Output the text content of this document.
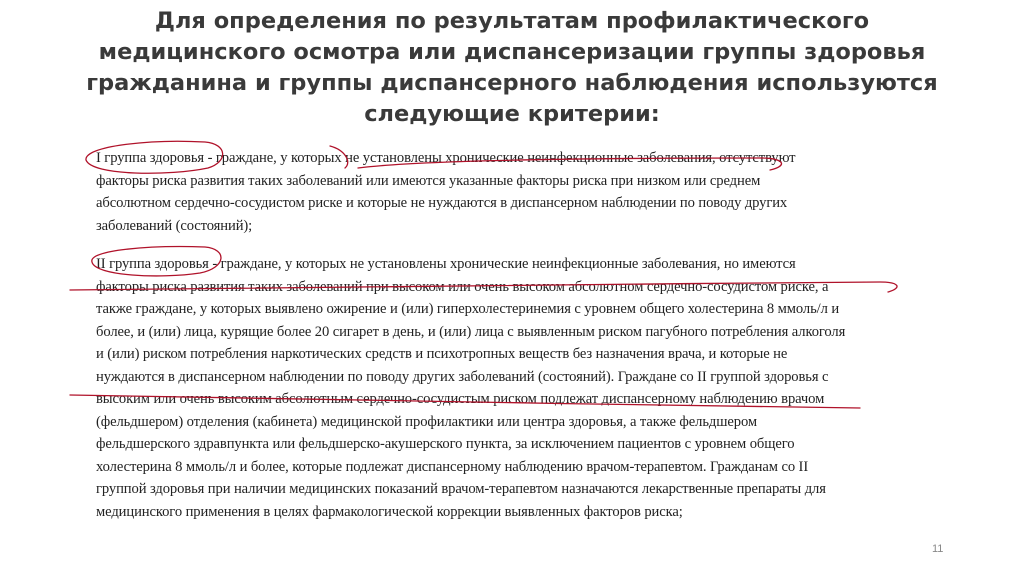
Для определения по результатам профилактического
медицинского осмотра или диспансеризации группы здоровья
гражданина и группы диспансерного наблюдения используются
следующие критерии:
I группа здоровья - граждане, у которых не установлены хронические неинфекционные заболевания, отсутствуют
факторы риска развития таких заболеваний или имеются указанные факторы риска при низком или среднем
абсолютном сердечно-сосудистом риске и которые не нуждаются в диспансерном наблюдении по поводу других
заболеваний (состояний);
II группа здоровья - граждане, у которых не установлены хронические неинфекционные заболевания, но имеются
факторы риска развития таких заболеваний при высоком или очень высоком абсолютном сердечно-сосудистом риске, а
также граждане, у которых выявлено ожирение и (или) гиперхолестеринемия с уровнем общего холестерина 8 ммоль/л и
более, и (или) лица, курящие более 20 сигарет в день, и (или) лица с выявленным риском пагубного потребления алкоголя
и (или) риском потребления наркотических средств и психотропных веществ без назначения врача, и которые не
нуждаются в диспансерном наблюдении по поводу других заболеваний (состояний). Граждане со II группой здоровья с
высоким или очень высоким абсолютным сердечно-сосудистым риском подлежат диспансерному наблюдению врачом
(фельдшером) отделения (кабинета) медицинской профилактики или центра здоровья, а также фельдшером
фельдшерского здравпункта или фельдшерско-акушерского пункта, за исключением пациентов с уровнем общего
холестерина 8 ммоль/л и более, которые подлежат диспансерному наблюдению врачом-терапевтом. Гражданам со II
группой здоровья при наличии медицинских показаний врачом-терапевтом назначаются лекарственные препараты для
медицинского применения в целях фармакологической коррекции выявленных факторов риска;
11
